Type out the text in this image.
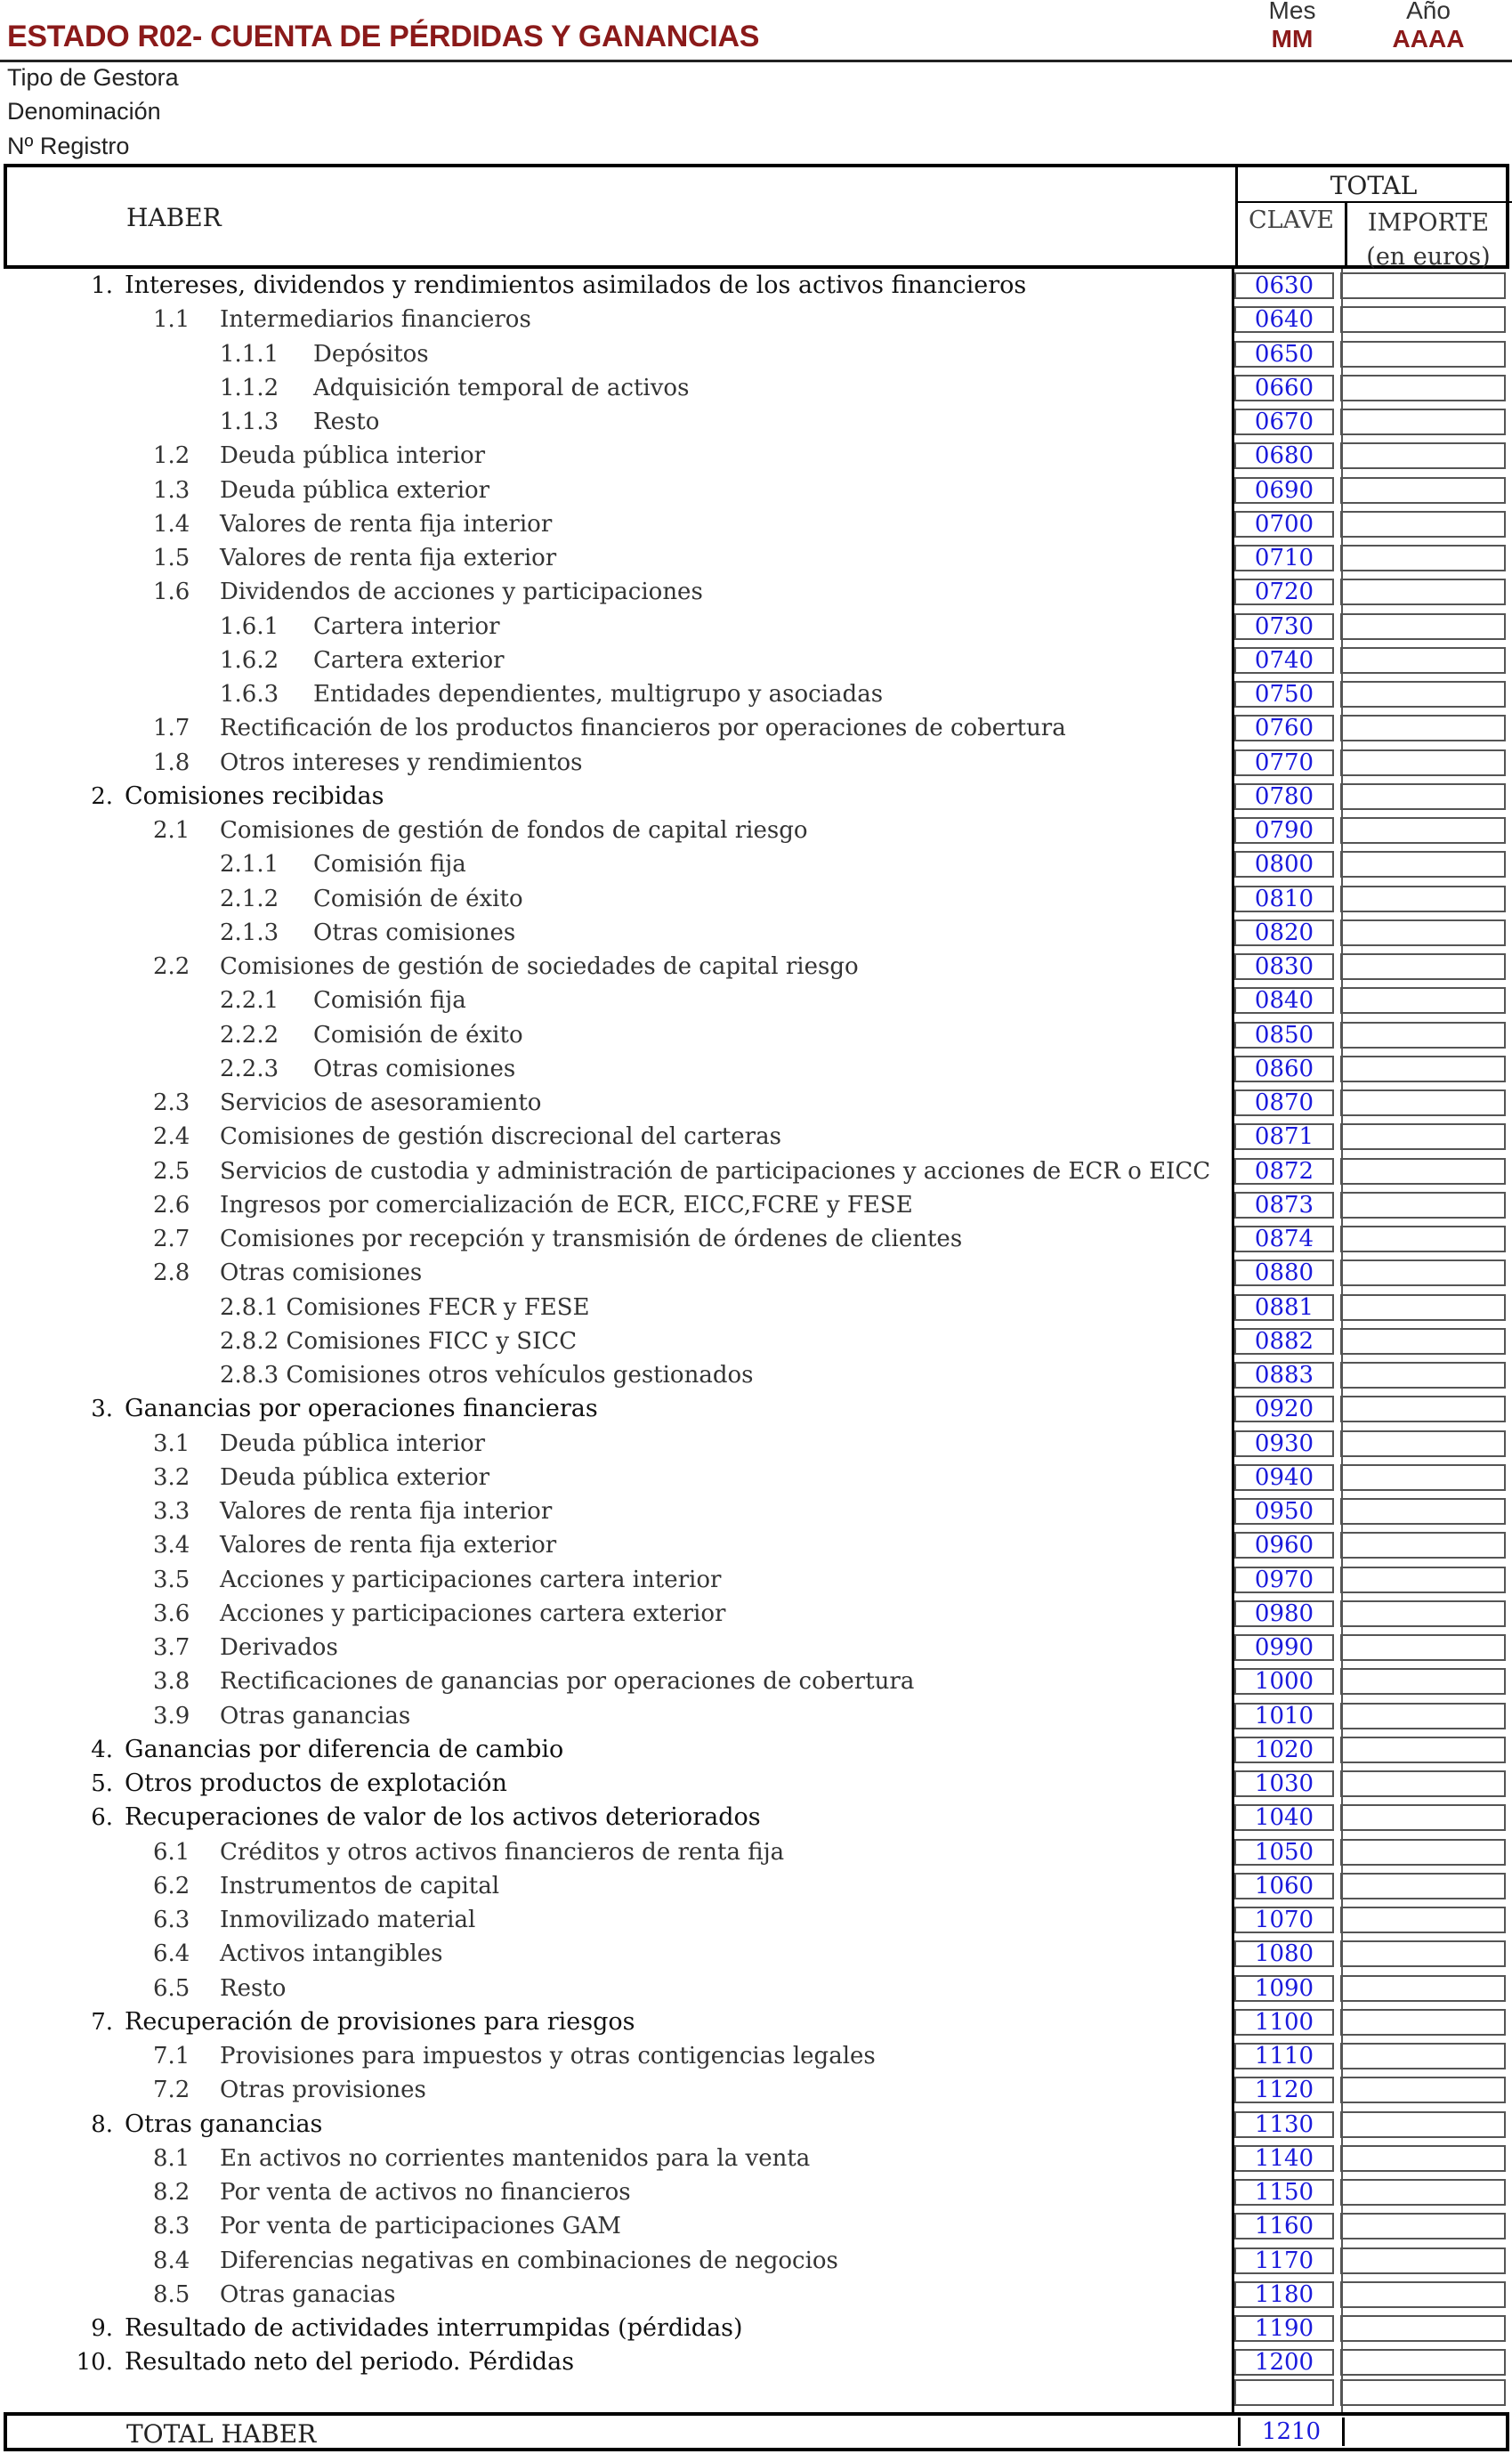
ESTADO R02- CUENTA DE PÉRDIDAS Y GANANCIAS
Mes
MM
Año
AAAA
Tipo de Gestora
Denominación
Nº Registro
HABER
TOTAL
CLAVE	IMPORTE
(en euros)
1. Intereses, dividendos y rendimientos asimilados de los activos financieros	0630
1.1 Intermediarios financieros	0640
1.1.1 Depósitos	0650
1.1.2 Adquisición temporal de activos	0660
1.1.3 Resto	0670
1.2 Deuda pública interior	0680
1.3 Deuda pública exterior	0690
1.4 Valores de renta fija interior	0700
1.5 Valores de renta fija exterior	0710
1.6 Dividendos de acciones y participaciones	0720
1.6.1 Cartera interior	0730
1.6.2 Cartera exterior	0740
1.6.3 Entidades dependientes, multigrupo y asociadas	0750
1.7 Rectificación de los productos financieros por operaciones de cobertura	0760
1.8 Otros intereses y rendimientos	0770
2. Comisiones recibidas	0780
2.1 Comisiones de gestión de fondos de capital riesgo	0790
2.1.1 Comisión fija	0800
2.1.2 Comisión de éxito	0810
2.1.3 Otras comisiones	0820
2.2 Comisiones de gestión de sociedades de capital riesgo	0830
2.2.1 Comisión fija	0840
2.2.2 Comisión de éxito	0850
2.2.3 Otras comisiones	0860
2.3 Servicios de asesoramiento	0870
2.4 Comisiones de gestión discrecional del carteras	0871
2.5 Servicios de custodia y administración de participaciones y acciones de ECR o EICC	0872
2.6 Ingresos por comercialización de ECR, EICC,FCRE y FESE	0873
2.7 Comisiones por recepción y transmisión de órdenes de clientes	0874
2.8 Otras comisiones	0880
2.8.1 Comisiones FECR y FESE	0881
2.8.2 Comisiones FICC y SICC	0882
2.8.3 Comisiones otros vehículos gestionados	0883
3. Ganancias por operaciones financieras	0920
3.1 Deuda pública interior	0930
3.2 Deuda pública exterior	0940
3.3 Valores de renta fija interior	0950
3.4 Valores de renta fija exterior	0960
3.5 Acciones y participaciones cartera interior	0970
3.6 Acciones y participaciones cartera exterior	0980
3.7 Derivados	0990
3.8 Rectificaciones de ganancias por operaciones de cobertura	1000
3.9 Otras ganancias	1010
4. Ganancias por diferencia de cambio	1020
5. Otros productos de explotación	1030
6. Recuperaciones de valor de los activos deteriorados	1040
6.1 Créditos y otros activos financieros de renta fija	1050
6.2 Instrumentos de capital	1060
6.3 Inmovilizado material	1070
6.4 Activos intangibles	1080
6.5 Resto	1090
7. Recuperación de provisiones para riesgos	1100
7.1 Provisiones para impuestos y otras contigencias legales	1110
7.2 Otras provisiones	1120
8. Otras ganancias	1130
8.1 En activos no corrientes mantenidos para la venta	1140
8.2 Por venta de activos no financieros	1150
8.3 Por venta de participaciones GAM	1160
8.4 Diferencias negativas en combinaciones de negocios	1170
8.5 Otras ganacias	1180
9. Resultado de actividades interrumpidas (pérdidas)	1190
10. Resultado neto del periodo. Pérdidas	1200
TOTAL HABER	1210
